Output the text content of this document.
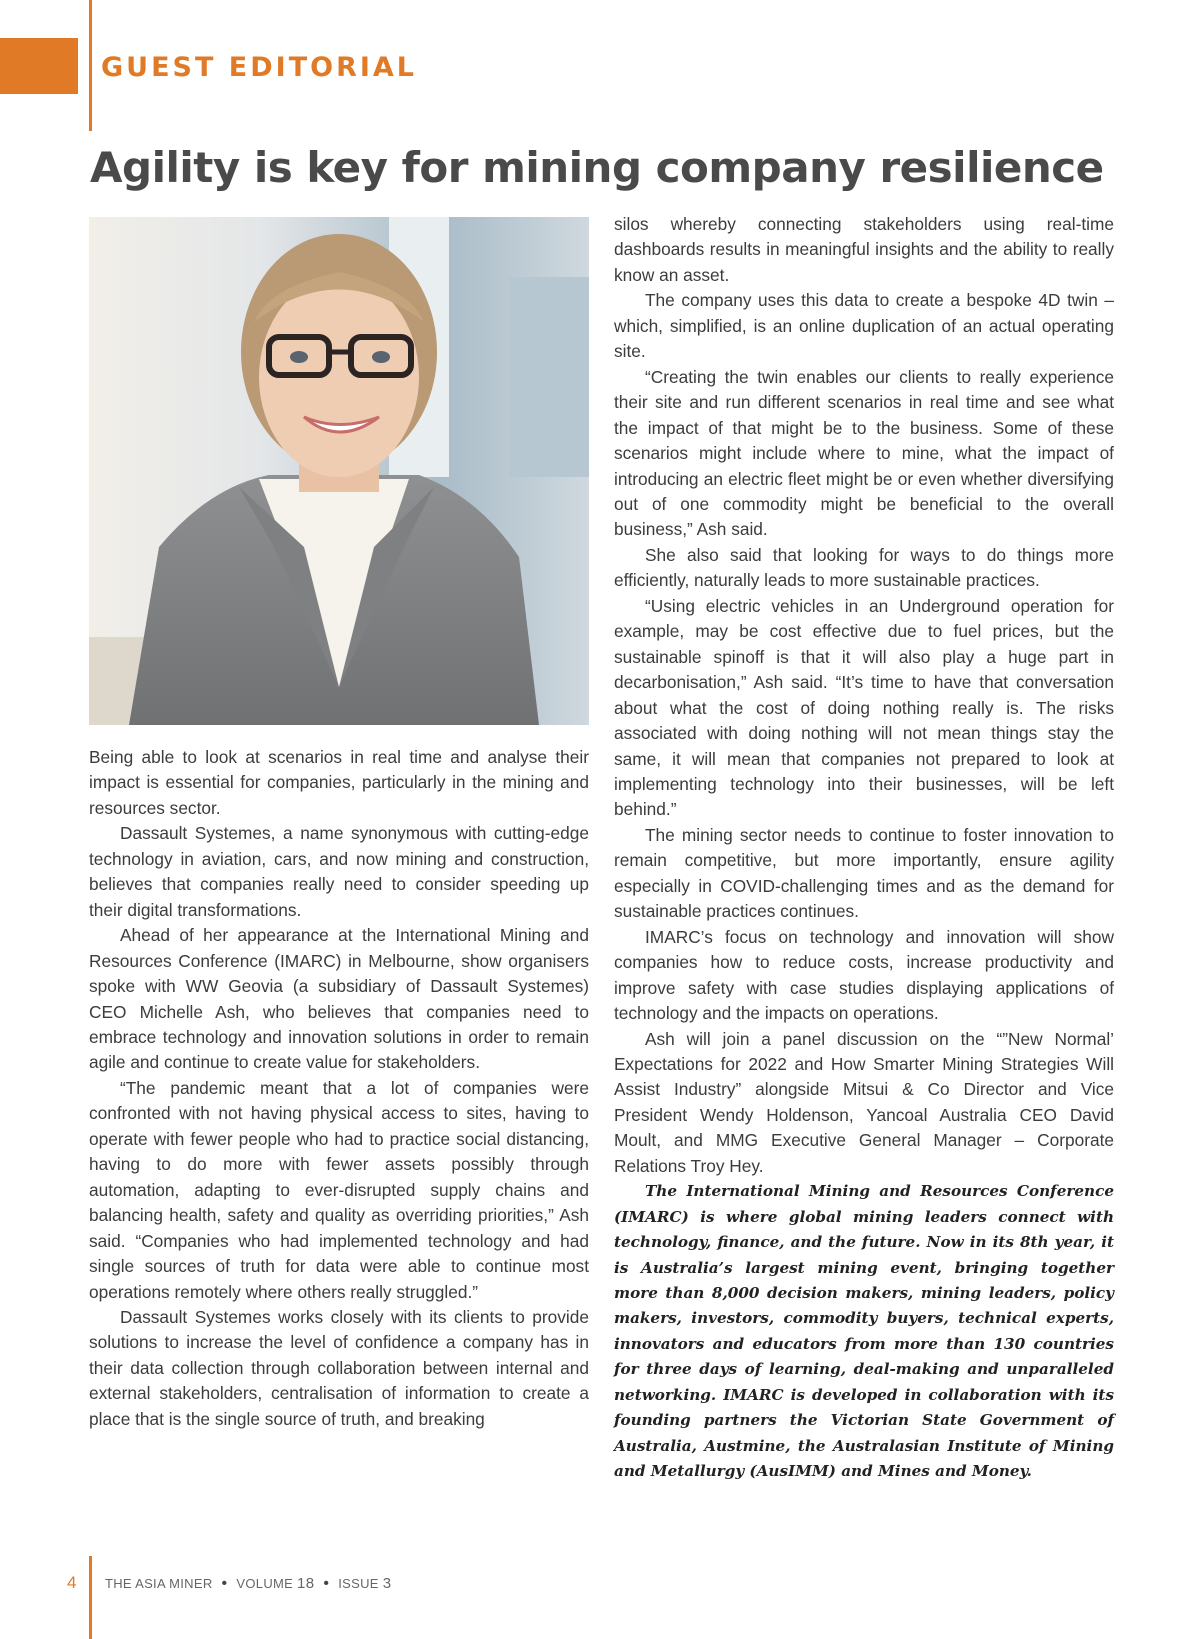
GUEST EDITORIAL
Agility is key for mining company resilience

Being able to look at scenarios in real time and analyse their impact is essential for companies, particularly in the mining and resources sector.

Dassault Systemes, a name synonymous with cutting-edge technology in aviation, cars, and now mining and construction, believes that companies really need to consider speeding up their digital transformations.

Ahead of her appearance at the International Mining and Resources Conference (IMARC) in Melbourne, show organisers spoke with WW Geovia (a subsidiary of Dassault Systemes) CEO Michelle Ash, who believes that companies need to embrace technology and innovation solutions in order to remain agile and continue to create value for stakeholders.

“The pandemic meant that a lot of companies were confronted with not having physical access to sites, having to operate with fewer people who had to practice social distancing, having to do more with fewer assets possibly through automation, adapting to ever-disrupted supply chains and balancing health, safety and quality as overriding priorities,” Ash said. “Companies who had implemented technology and had single sources of truth for data were able to continue most operations remotely where others really struggled.”

Dassault Systemes works closely with its clients to provide solutions to increase the level of confidence a company has in their data collection through collaboration between internal and external stakeholders, centralisation of information to create a place that is the single source of truth, and breaking

silos whereby connecting stakeholders using real-time dashboards results in meaningful insights and the ability to really know an asset.

The company uses this data to create a bespoke 4D twin – which, simplified, is an online duplication of an actual operating site.

“Creating the twin enables our clients to really experience their site and run different scenarios in real time and see what the impact of that might be to the business. Some of these scenarios might include where to mine, what the impact of introducing an electric fleet might be or even whether diversifying out of one commodity might be beneficial to the overall business,” Ash said.

She also said that looking for ways to do things more efficiently, naturally leads to more sustainable practices.

“Using electric vehicles in an Underground operation for example, may be cost effective due to fuel prices, but the sustainable spinoff is that it will also play a huge part in decarbonisation,” Ash said. “It’s time to have that conversation about what the cost of doing nothing really is. The risks associated with doing nothing will not mean things stay the same, it will mean that companies not prepared to look at implementing technology into their businesses, will be left behind.”

The mining sector needs to continue to foster innovation to remain competitive, but more importantly, ensure agility especially in COVID-challenging times and as the demand for sustainable practices continues.

IMARC’s focus on technology and innovation will show companies how to reduce costs, increase productivity and improve safety with case studies displaying applications of technology and the impacts on operations.

Ash will join a panel discussion on the “”New Normal’ Expectations for 2022 and How Smarter Mining Strategies Will Assist Industry” alongside Mitsui & Co Director and Vice President Wendy Holdenson, Yancoal Australia CEO David Moult, and MMG Executive General Manager – Corporate Relations Troy Hey.

The International Mining and Resources Conference (IMARC) is where global mining leaders connect with technology, finance, and the future. Now in its 8th year, it is Australia’s largest mining event, bringing together more than 8,000 decision makers, mining leaders, policy makers, investors, commodity buyers, technical experts, innovators and educators from more than 130 countries for three days of learning, deal-making and unparalleled networking. IMARC is developed in collaboration with its founding partners the Victorian State Government of Australia, Austmine, the Australasian Institute of Mining and Metallurgy (AusIMM) and Mines and Money.

4 THE ASIA MINER • VOLUME 18 • ISSUE 3
